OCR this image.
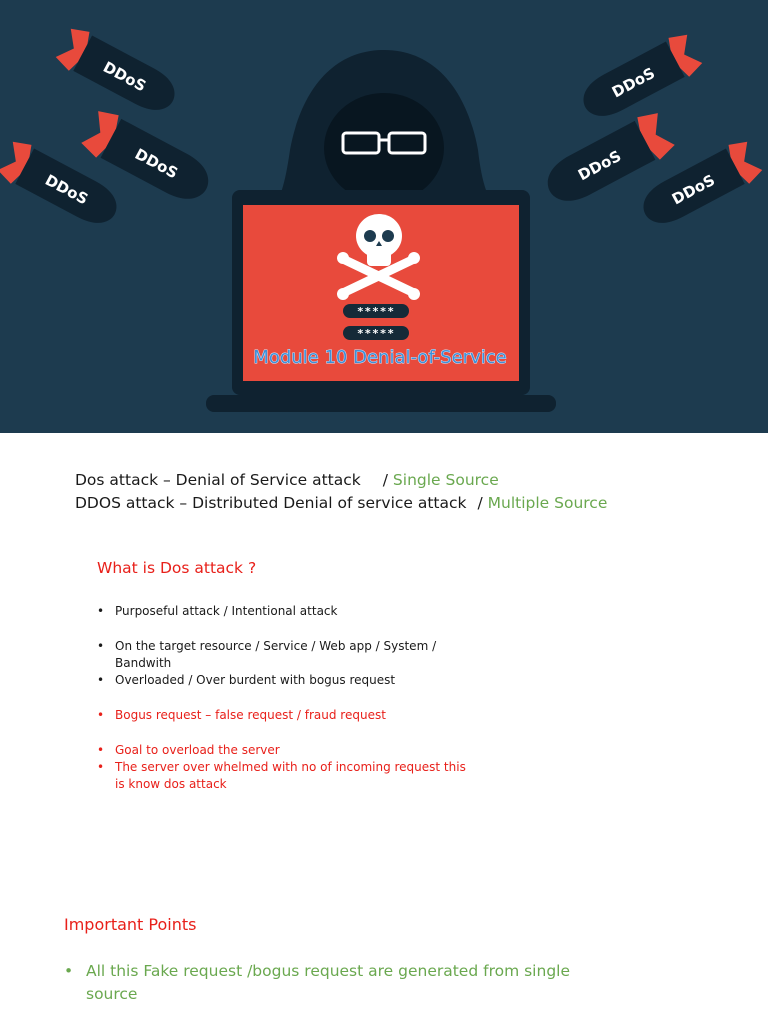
*****
*****
Module 10 Denial-of-Service
DDoS
DDoS
DDoS
DDoS
DDoS
DDoS

Dos attack – Denial of Service attack / Single Source

DDOS attack – Distributed Denial of service attack / Multiple Source

What is Dos attack ?

• Purposeful attack / Intentional attack
• On the target resource / Service / Web app / System / Bandwith
• Overloaded / Over burdent with bogus request
• Bogus request – false request / fraud request
• Goal to overload the server
• The server over whelmed with no of incoming request this is know dos attack

Important Points

• All this Fake request /bogus request are generated from single source
